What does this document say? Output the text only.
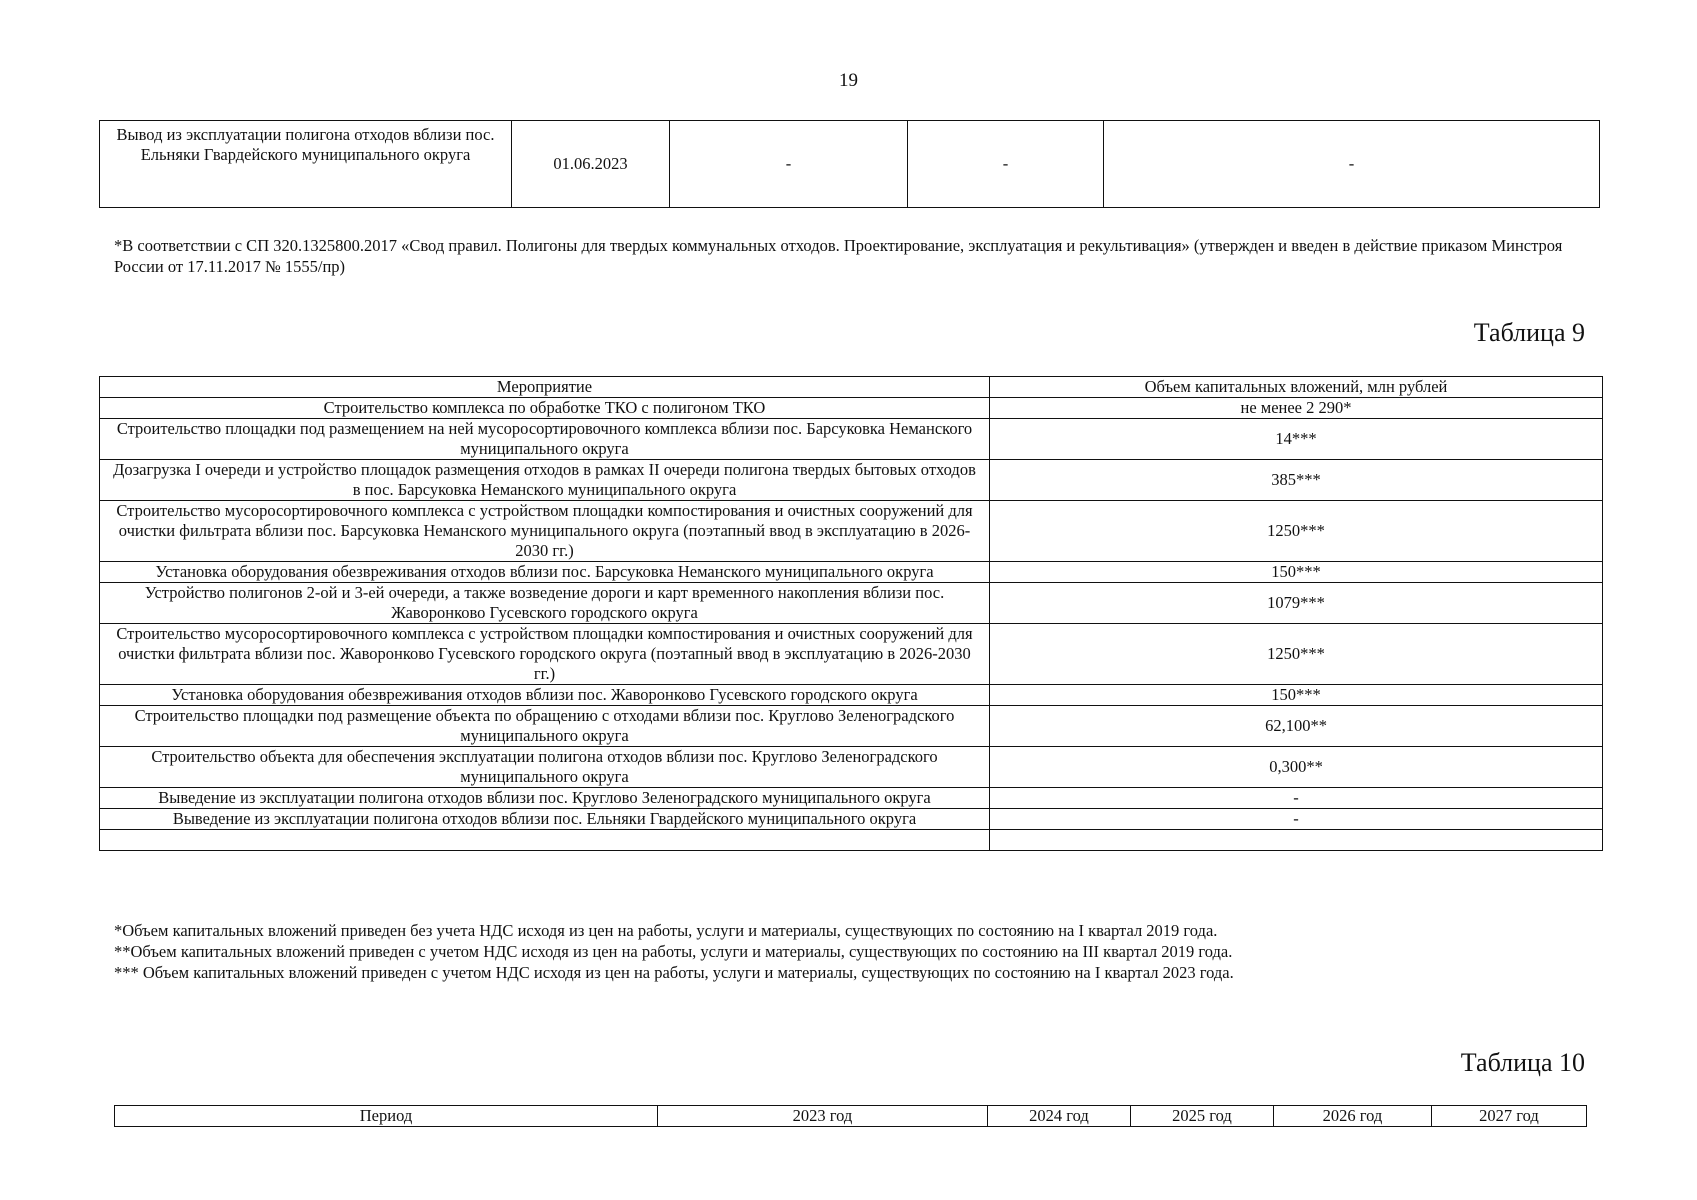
19
Вывод из эксплуатации полигона отходов вблизи пос. Ельняки Гвардейского муниципального округа	01.06.2023	-	-	-
*В соответствии с СП 320.1325800.2017 «Свод правил. Полигоны для твердых коммунальных отходов. Проектирование, эксплуатация и рекультивация» (утвержден и введен в действие приказом Минстроя России от 17.11.2017 № 1555/пр)
Таблица 9
Мероприятие	Объем капитальных вложений, млн рублей
Строительство комплекса по обработке ТКО с полигоном ТКО	не менее 2 290*
Строительство площадки под размещением на ней мусоросортировочного комплекса вблизи пос. Барсуковка Неманского муниципального округа	14***
Дозагрузка I очереди и устройство площадок размещения отходов в рамках II очереди полигона твердых бытовых отходов в пос. Барсуковка Неманского муниципального округа	385***
Строительство мусоросортировочного комплекса с устройством площадки компостирования и очистных сооружений для очистки фильтрата вблизи пос. Барсуковка Неманского муниципального округа (поэтапный ввод в эксплуатацию в 2026-2030 гг.)	1250***
Установка оборудования обезвреживания отходов вблизи пос. Барсуковка Неманского муниципального округа	150***
Устройство полигонов 2-ой и 3-ей очереди, а также возведение дороги и карт временного накопления вблизи пос. Жаворонково Гусевского городского округа	1079***
Строительство мусоросортировочного комплекса с устройством площадки компостирования и очистных сооружений для очистки фильтрата вблизи пос. Жаворонково Гусевского городского округа (поэтапный ввод в эксплуатацию в 2026-2030 гг.)	1250***
Установка оборудования обезвреживания отходов вблизи пос. Жаворонково Гусевского городского округа	150***
Строительство площадки под размещение объекта по обращению с отходами вблизи пос. Круглово Зеленоградского муниципального округа	62,100**
Строительство объекта для обеспечения эксплуатации полигона отходов вблизи пос. Круглово Зеленоградского муниципального округа	0,300**
Выведение из эксплуатации полигона отходов вблизи пос. Круглово Зеленоградского муниципального округа	-
Выведение из эксплуатации полигона отходов вблизи пос. Ельняки Гвардейского муниципального округа	-

*Объем капитальных вложений приведен без учета НДС исходя из цен на работы, услуги и материалы, существующих по состоянию на I квартал 2019 года.
**Объем капитальных вложений приведен с учетом НДС исходя из цен на работы, услуги и материалы, существующих по состоянию на III квартал 2019 года.
*** Объем капитальных вложений приведен с учетом НДС исходя из цен на работы, услуги и материалы, существующих по состоянию на I квартал 2023 года.
Таблица 10
Период	2023 год	2024 год	2025 год	2026 год	2027 год
